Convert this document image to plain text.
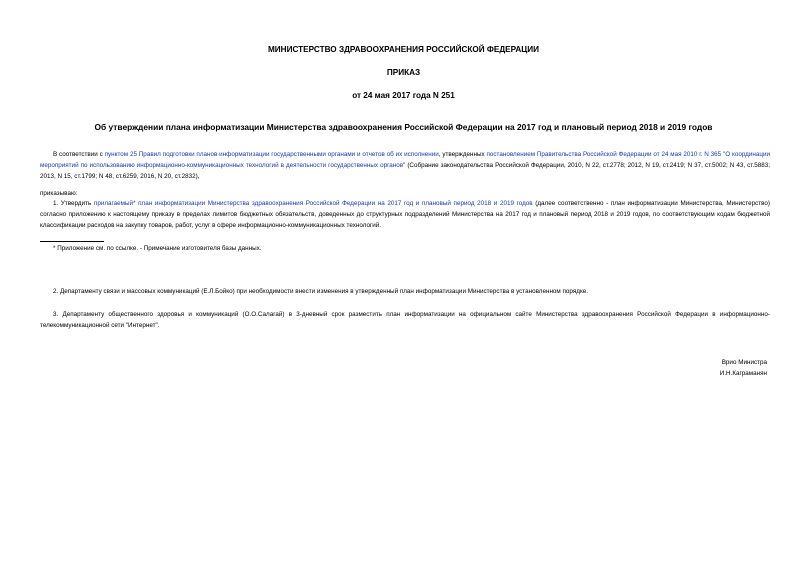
МИНИСТЕРСТВО ЗДРАВООХРАНЕНИЯ РОССИЙСКОЙ ФЕДЕРАЦИИ
ПРИКАЗ
от 24 мая 2017 года N 251
Об утверждении плана информатизации Министерства здравоохранения Российской Федерации на 2017 год и плановый период 2018 и 2019 годов
В соответствии с пунктом 25 Правил подготовки планов информатизации государственными органами и отчетов об их исполнении, утвержденных постановлением Правительства Российской Федерации от 24 мая 2010 г. N 365 "О координации мероприятий по использованию информационно-коммуникационных технологий в деятельности государственных органов" (Собрание законодательства Российской Федерации, 2010, N 22, ст.2778; 2012, N 19, ст.2419; N 37, ст.5002; N 43, ст.5883; 2013, N 15, ст.1799; N 48, ст.6259, 2016, N 20, ст.2832),
приказываю:
1. Утвердить прилагаемый* план информатизации Министерства здравоохранения Российской Федерации на 2017 год и плановый период 2018 и 2019 годов (далее соответственно - план информатизации Министерства, Министерство) согласно приложению к настоящему приказу в пределах лимитов бюджетных обязательств, доведенных до структурных подразделений Министерства на 2017 год и плановый период 2018 и 2019 годов, по соответствующим кодам бюджетной классификации расходов на закупку товаров, работ, услуг в сфере информационно-коммуникационных технологий.
* Приложение см. по ссылке. - Примечание изготовителя базы данных.
2. Департаменту связи и массовых коммуникаций (Е.Л.Бойко) при необходимости внести изменения в утвержденный план информатизации Министерства в установленном порядке.
3. Департаменту общественного здоровья и коммуникаций (О.О.Салагай) в 3-дневный срок разместить план информатизации на официальном сайте Министерства здравоохранения Российской Федерации в информационно-телекоммуникационной сети "Интернет".
Врио Министра
И.Н.Каграманян
